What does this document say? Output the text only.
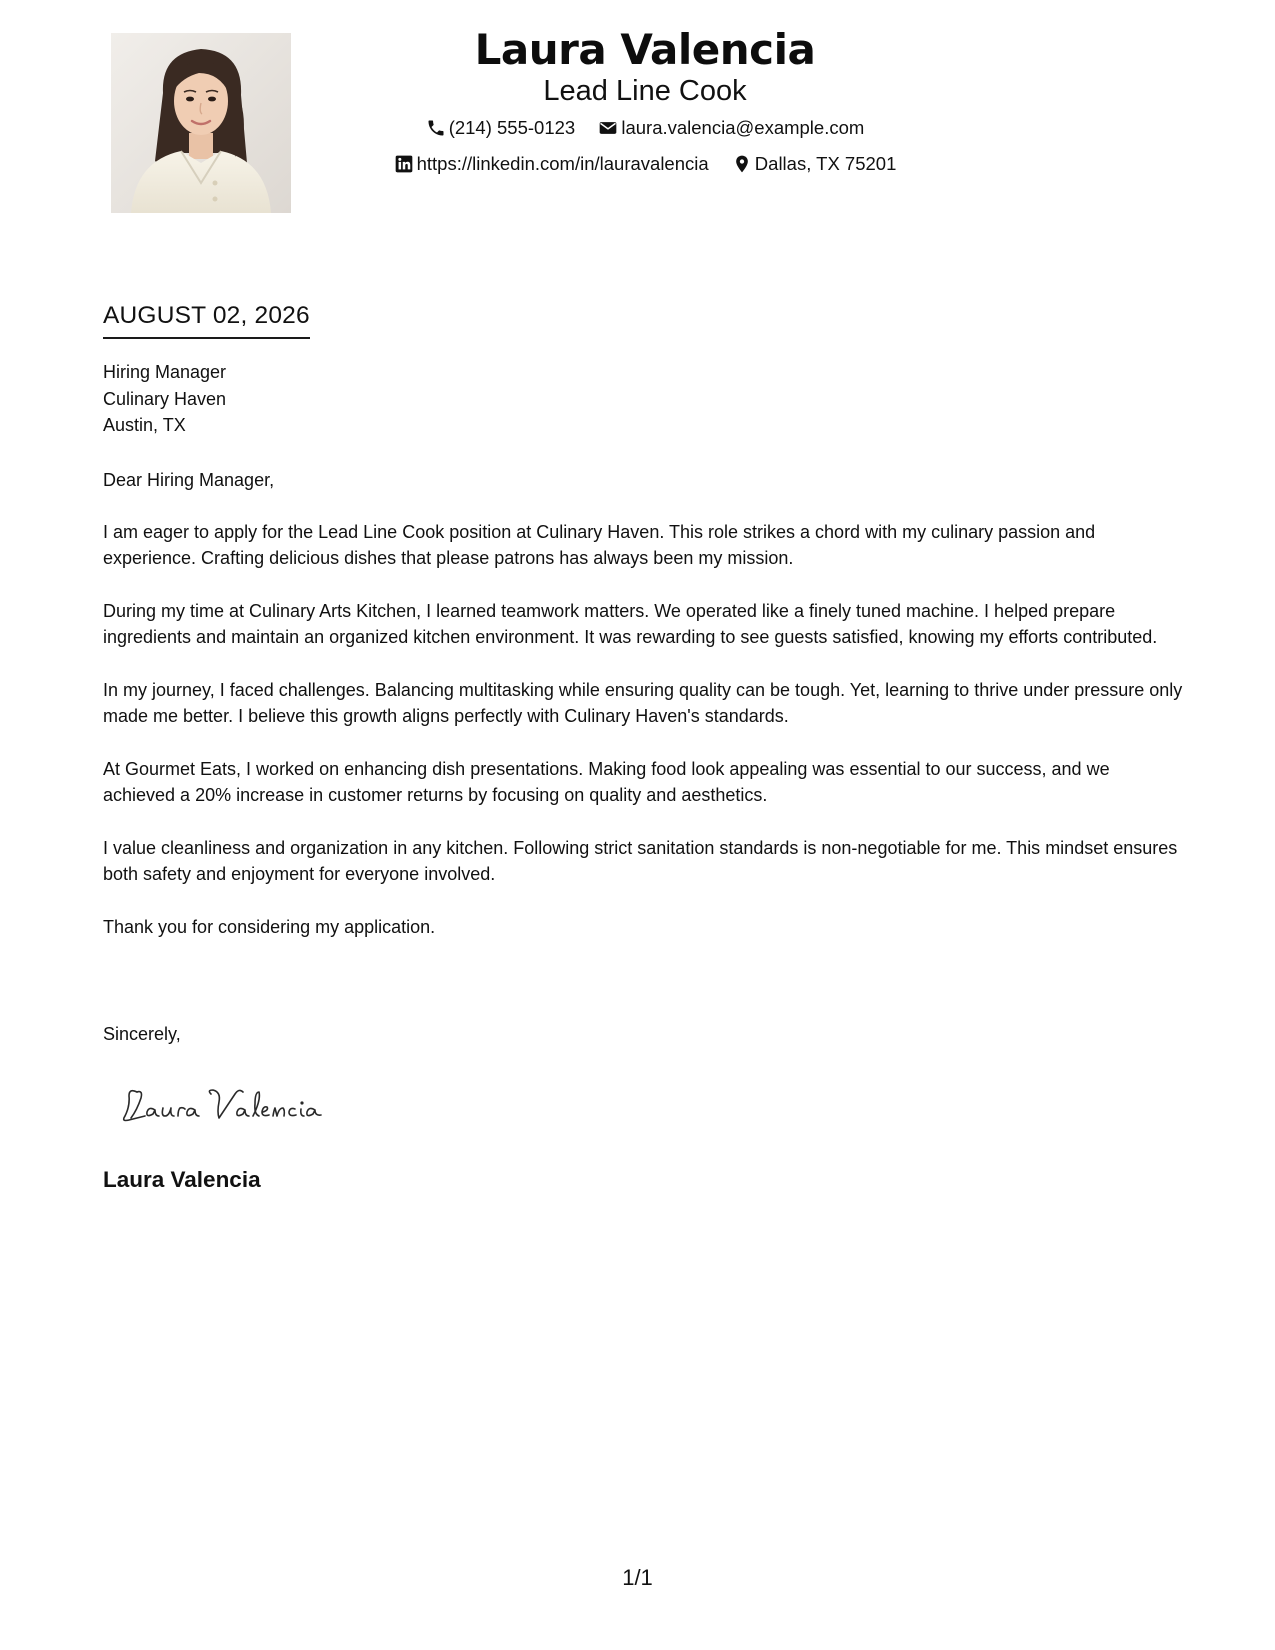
Laura Valencia
Lead Line Cook
(214) 555-0123
laura.valencia@example.com
https://linkedin.com/in/lauravalencia
Dallas, TX 75201
AUGUST 02, 2026
Hiring Manager
Culinary Haven
Austin, TX
Dear Hiring Manager,

I am eager to apply for the Lead Line Cook position at Culinary Haven. This role strikes a chord with my culinary passion and experience. Crafting delicious dishes that please patrons has always been my mission.

During my time at Culinary Arts Kitchen, I learned teamwork matters. We operated like a finely tuned machine. I helped prepare ingredients and maintain an organized kitchen environment. It was rewarding to see guests satisfied, knowing my efforts contributed.

In my journey, I faced challenges. Balancing multitasking while ensuring quality can be tough. Yet, learning to thrive under pressure only made me better. I believe this growth aligns perfectly with Culinary Haven's standards.

At Gourmet Eats, I worked on enhancing dish presentations. Making food look appealing was essential to our success, and we achieved a 20% increase in customer returns by focusing on quality and aesthetics.

I value cleanliness and organization in any kitchen. Following strict sanitation standards is non-negotiable for me. This mindset ensures both safety and enjoyment for everyone involved.

Thank you for considering my application.

Sincerely,
Laura Valencia
1/1
